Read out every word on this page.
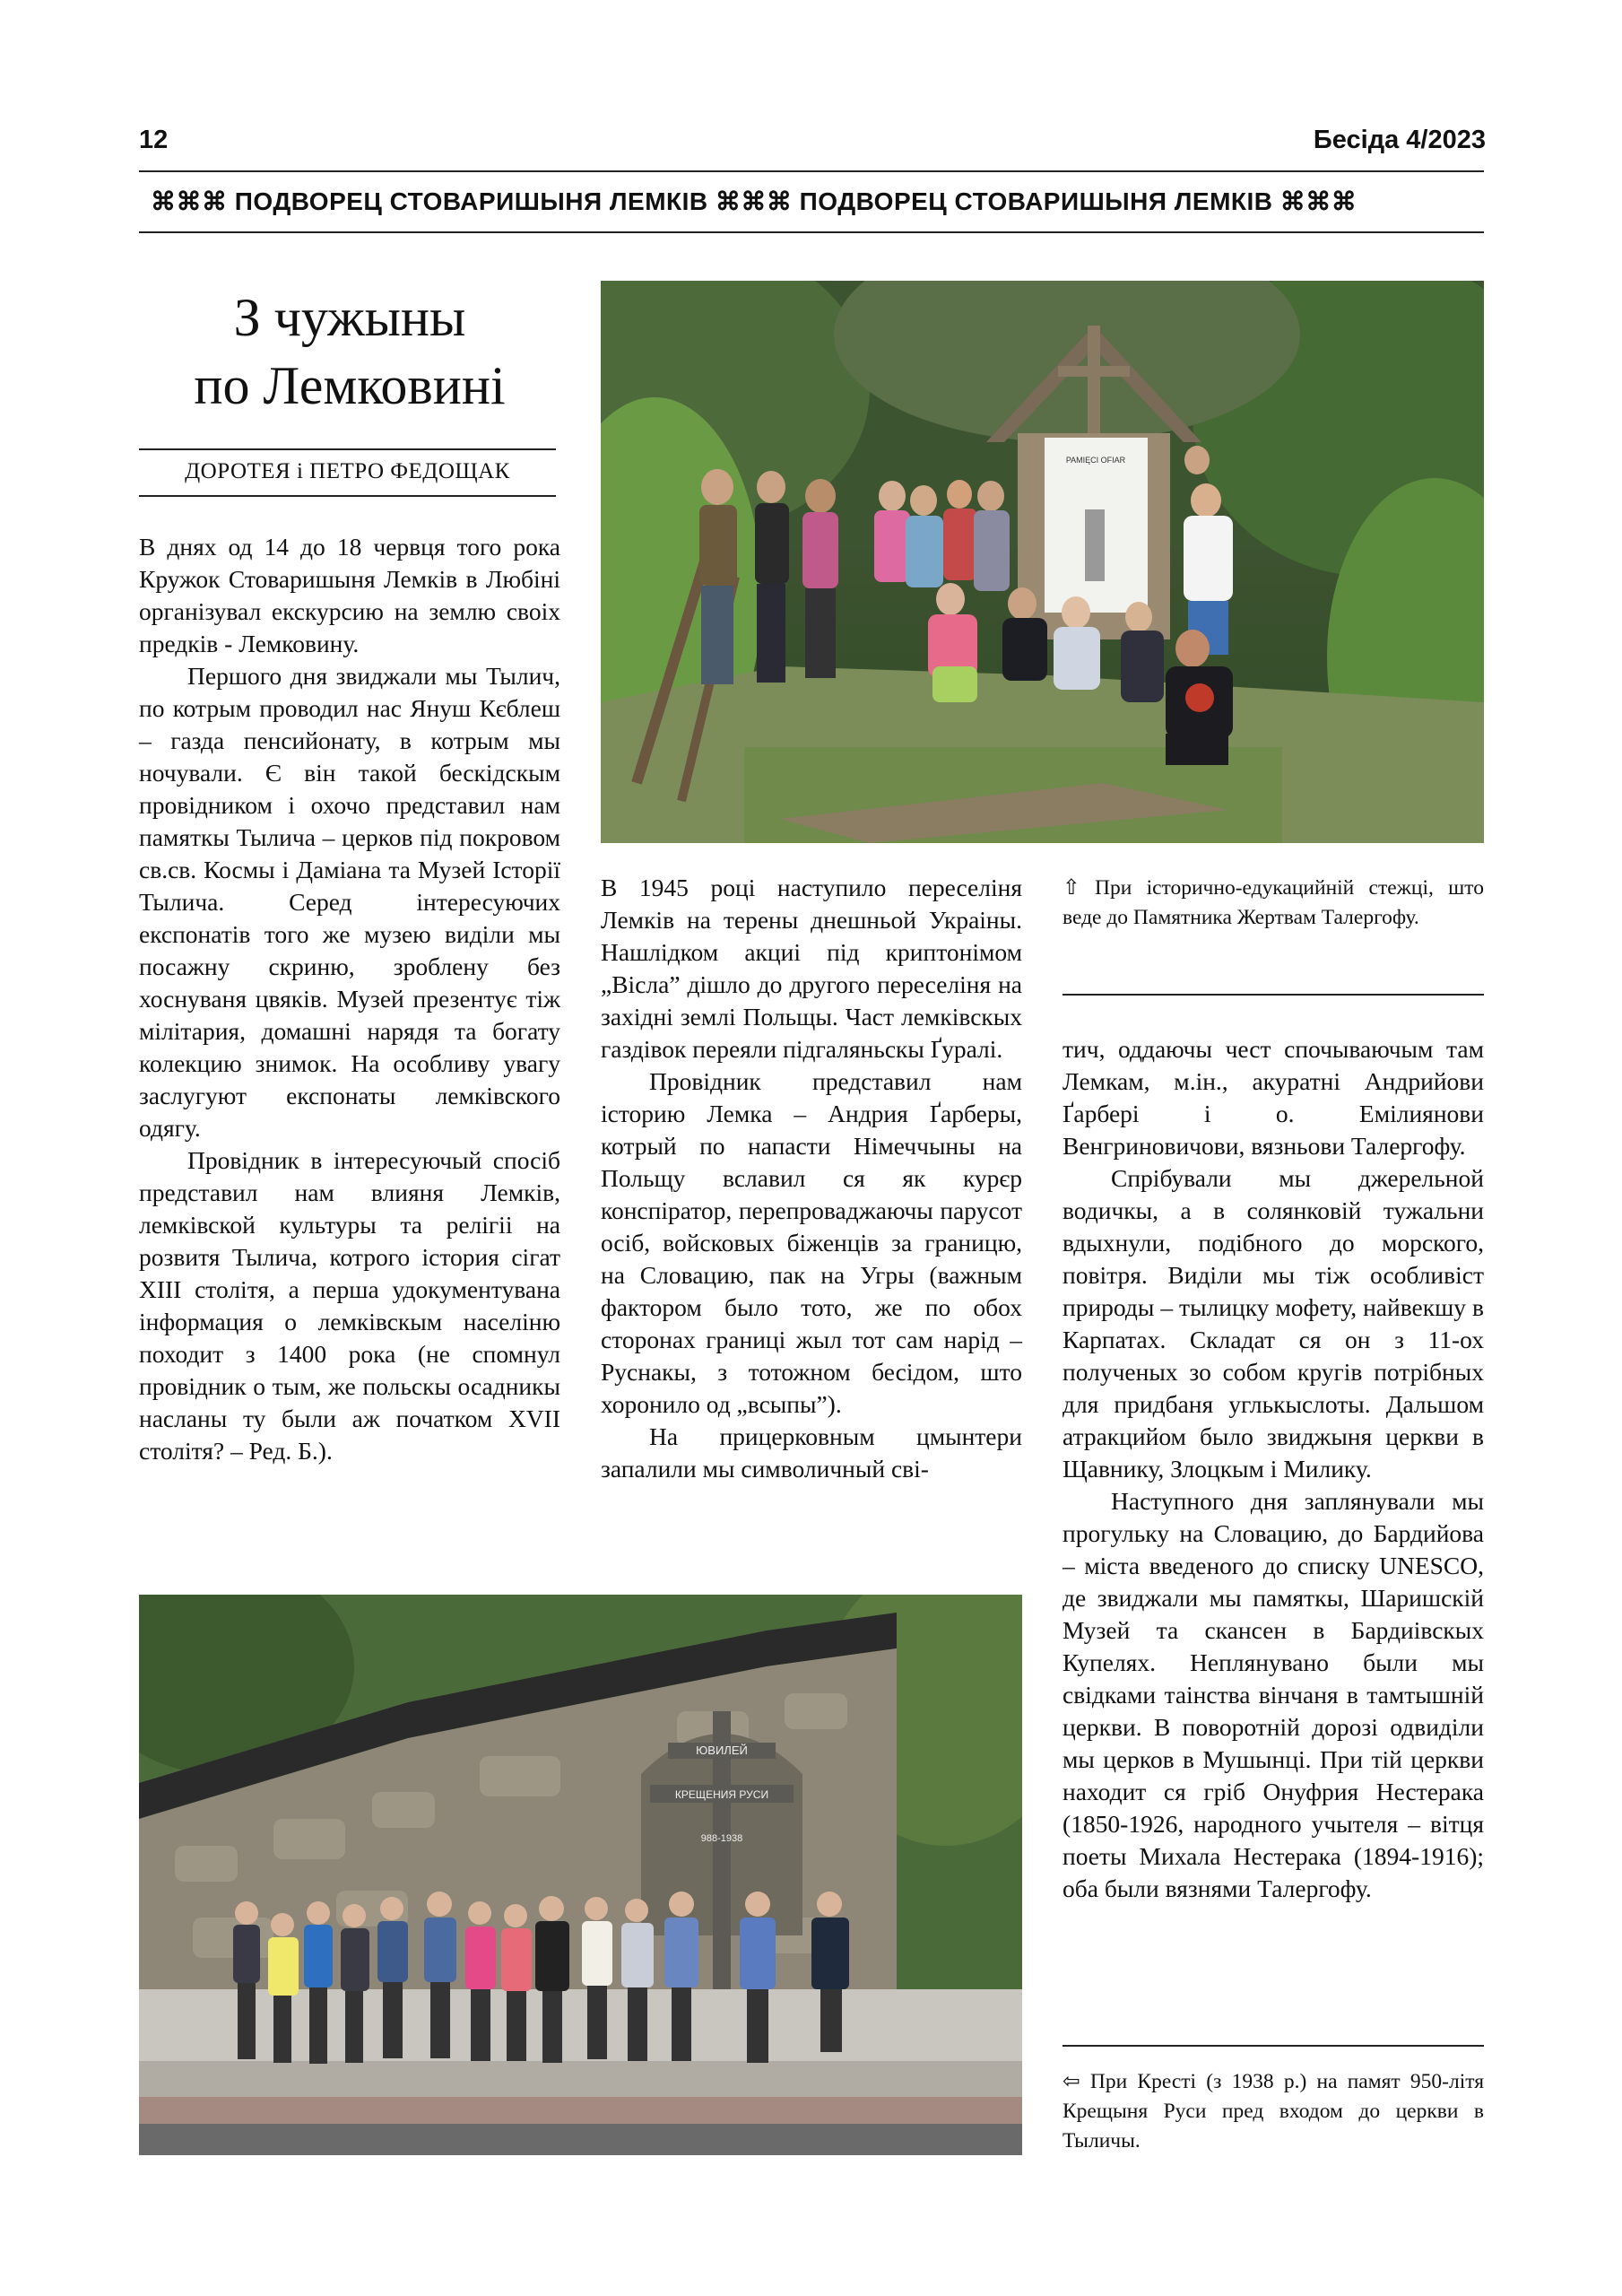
12	Бесіда 4/2023
⌘⌘⌘ ПОДВОРЕЦ СТОВАРИШЫНЯ ЛЕМКІВ ⌘⌘⌘ ПОДВОРЕЦ СТОВАРИШЫНЯ ЛЕМКІВ ⌘⌘⌘
З чужыны
по Лемковині
ДОРОТЕЯ і ПЕТРО ФЕДОЩАК

В днях од 14 до 18 червця того рока Кружок Стоваришыня Лемків в Любіні організувал екскурсию на землю своіх предків - Лемковину.

Першого дня звиджали мы Тылич, по котрым проводил нас Януш Кєблеш – газда пенсийонату, в котрым мы ночували. Є він такой бескідскым провідником і охочо представил нам памяткы Тылича – церков під покровом св.св. Космы і Даміана та Музей Історії Тылича. Серед інтересуючих експонатів того же музею виділи мы посажну скриню, зроблену без хоснуваня цвяків. Музей презентує тіж мілітария, домашні нарядя та богату колекцию знимок. На особливу увагу заслугуют експонаты лемківского одягу.

Провідник в інтересуючый спосіб представил нам влияня Лемків, лемківской культуры та релігіі на розвитя Тылича, котрого істория сігат XIII столітя, а перша удокументувана інформация о лемківскым населіню походит з 1400 рока (не спомнул провідник о тым, же польскы осадникы насланы ту были аж початком XVII столітя? – Ред. Б.).

PAMIĘCI OFIAR

В 1945 році наступило переселіня Лемків на терены днешньой Украіны. Нашлідком акциі під криптонімом „Вісла” дішло до другого переселіня на західні землі Польщы. Част лемківскых газдівок переяли підгаляньскы Ґуралі.

Провідник представил нам історию Лемка – Андрия Ґарбеpы, котрый по напасти Німеччыны на Польщу вславил ся як курєр конспіратор, перепроваджаючы парусот осіб, войсковых біженців за границю, на Словацию, пак на Угры (важным фактором было тото, же по обох сторонах границі жыл тот сам нарід – Руснакы, з тотожном бесідом, што хоронило од „всыпы”).

На прицерковным цмынтери запалили мы символичный сві-

⇧ При історично-едукацийній стежці, што веде до Памятника Жертвам Талергофу.

тич, оддаючы чест спочываючым там Лемкам, м.ін., акуратні Андрийови Ґарбері і о. Емілиянови Венгриновичови, вязньови Талергофу.

Спрібували мы джерельной водичкы, а в солянковій тужальни вдыхнули, подібного до морского, повітря. Виділи мы тіж особливіст природы – тылицку мофету, найвекшу в Карпатах. Складат ся он з 11-ох полученых зо собом кругів потрібных для придбаня углькыслоты. Дальшом атракцийом было звиджыня церкви в Щавнику, Злоцкым і Милику.

Наступного дня заплянували мы прогульку на Словацию, до Бардийова – міста введеного до списку UNESCO, де звиджали мы памяткы, Шаришскій Музей та скансен в Бардиівскых Купелях. Неплянувано были мы свідками таінства вінчаня в тамтышній церкви. В поворотній дорозі одвиділи мы церков в Мушынці. При тій церкви находит ся гріб Онуфрия Нестерака (1850-1926, народного учытеля – вітця поеты Михала Нестерака (1894-1916); оба были вязнями Талергофу.

⇦ При Кресті (з 1938 р.) на памят 950-літя Крещыня Руси пред входом до церкви в Тыличы.
ЮВИЛЕЙ
КРЕЩЕНИЯ РУСИ
988-1938
